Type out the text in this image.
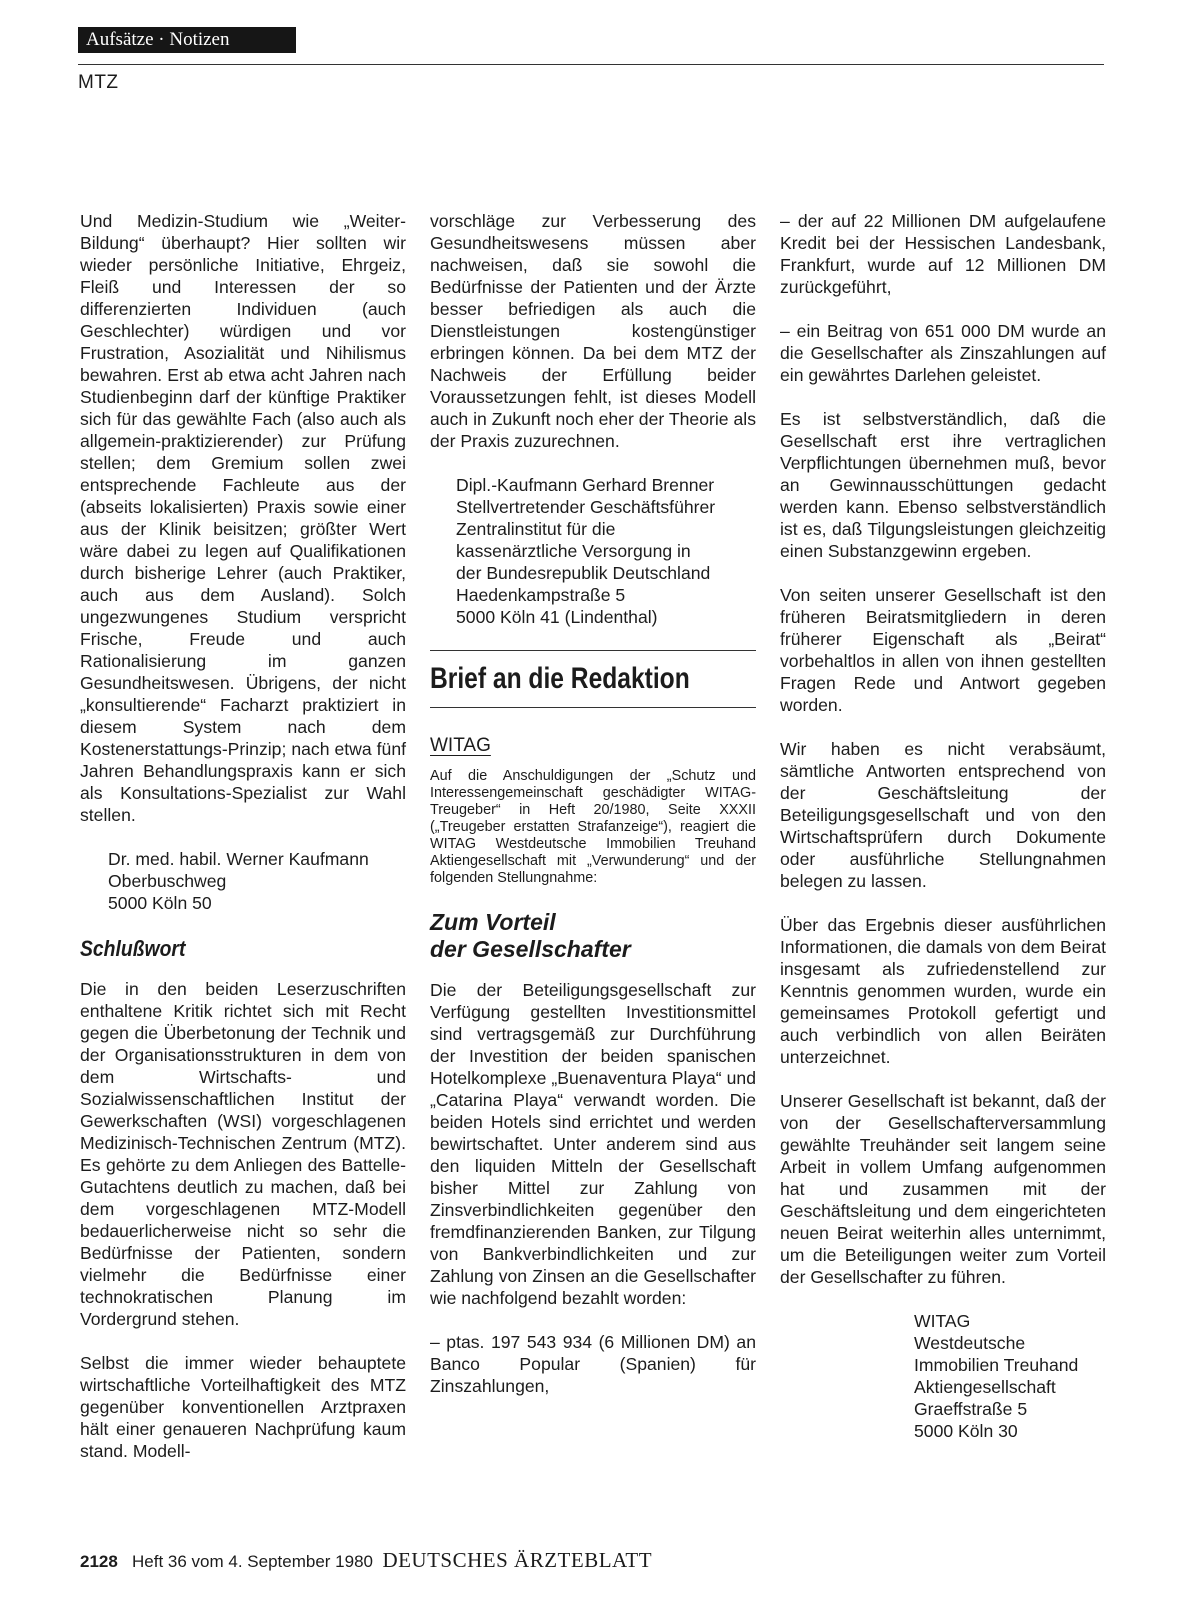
Aufsätze · Notizen
MTZ

Und Medizin-Studium wie „Weiter-Bildung“ überhaupt? Hier sollten wir wieder persönliche Initiative, Ehrgeiz, Fleiß und Interessen der so differenzierten Individuen (auch Geschlechter) würdigen und vor Frustration, Asozialität und Nihilismus bewahren. Erst ab etwa acht Jahren nach Studienbeginn darf der künftige Praktiker sich für das gewählte Fach (also auch als allgemein-praktizierender) zur Prüfung stellen; dem Gremium sollen zwei entsprechende Fachleute aus der (abseits lokalisierten) Praxis sowie einer aus der Klinik beisitzen; größter Wert wäre dabei zu legen auf Qualifikationen durch bisherige Lehrer (auch Praktiker, auch aus dem Ausland). Solch ungezwungenes Studium verspricht Frische, Freude und auch Rationalisierung im ganzen Gesundheitswesen. Übrigens, der nicht „konsultierende“ Facharzt praktiziert in diesem System nach dem Kostenerstattungs-Prinzip; nach etwa fünf Jahren Behandlungspraxis kann er sich als Konsultations-Spezialist zur Wahl stellen.

Dr. med. habil. Werner Kaufmann
Oberbuschweg
5000 Köln 50
Schlußwort

Die in den beiden Leserzuschriften enthaltene Kritik richtet sich mit Recht gegen die Überbetonung der Technik und der Organisationsstrukturen in dem von dem Wirtschafts- und Sozialwissenschaftlichen Institut der Gewerkschaften (WSI) vorgeschlagenen Medizinisch-Technischen Zentrum (MTZ). Es gehörte zu dem Anliegen des Battelle-Gutachtens deutlich zu machen, daß bei dem vorgeschlagenen MTZ-Modell bedauerlicherweise nicht so sehr die Bedürfnisse der Patienten, sondern vielmehr die Bedürfnisse einer technokratischen Planung im Vordergrund stehen.

Selbst die immer wieder behauptete wirtschaftliche Vorteilhaftigkeit des MTZ gegenüber konventionellen Arztpraxen hält einer genaueren Nachprüfung kaum stand. Modell-

vorschläge zur Verbesserung des Gesundheitswesens müssen aber nachweisen, daß sie sowohl die Bedürfnisse der Patienten und der Ärzte besser befriedigen als auch die Dienstleistungen kostengünstiger erbringen können. Da bei dem MTZ der Nachweis der Erfüllung beider Voraussetzungen fehlt, ist dieses Modell auch in Zukunft noch eher der Theorie als der Praxis zuzurechnen.

Dipl.-Kaufmann Gerhard Brenner
Stellvertretender Geschäftsführer
Zentralinstitut für die
kassenärztliche Versorgung in
der Bundesrepublik Deutschland
Haedenkampstraße 5
5000 Köln 41 (Lindenthal)
Brief an die Redaktion
WITAG

Auf die Anschuldigungen der „Schutz und Interessengemeinschaft geschädigter WITAG-Treugeber“ in Heft 20/1980, Seite XXXII („Treugeber erstatten Strafanzeige“), reagiert die WITAG Westdeutsche Immobilien Treuhand Aktiengesellschaft mit „Verwunderung“ und der folgenden Stellungnahme:

Zum Vorteil
der Gesellschafter

Die der Beteiligungsgesellschaft zur Verfügung gestellten Investitionsmittel sind vertragsgemäß zur Durchführung der Investition der beiden spanischen Hotelkomplexe „Buenaventura Playa“ und „Catarina Playa“ verwandt worden. Die beiden Hotels sind errichtet und werden bewirtschaftet. Unter anderem sind aus den liquiden Mitteln der Gesellschaft bisher Mittel zur Zahlung von Zinsverbindlichkeiten gegenüber den fremdfinanzierenden Banken, zur Tilgung von Bankverbindlichkeiten und zur Zahlung von Zinsen an die Gesellschafter wie nachfolgend bezahlt worden:

– ptas. 197 543 934 (6 Millionen DM) an Banco Popular (Spanien) für Zinszahlungen,

– der auf 22 Millionen DM aufgelaufene Kredit bei der Hessischen Landesbank, Frankfurt, wurde auf 12 Millionen DM zurückgeführt,

– ein Beitrag von 651 000 DM wurde an die Gesellschafter als Zinszahlungen auf ein gewährtes Darlehen geleistet.

Es ist selbstverständlich, daß die Gesellschaft erst ihre vertraglichen Verpflichtungen übernehmen muß, bevor an Gewinnausschüttungen gedacht werden kann. Ebenso selbstverständlich ist es, daß Tilgungsleistungen gleichzeitig einen Substanzgewinn ergeben.

Von seiten unserer Gesellschaft ist den früheren Beiratsmitgliedern in deren früherer Eigenschaft als „Beirat“ vorbehaltlos in allen von ihnen gestellten Fragen Rede und Antwort gegeben worden.

Wir haben es nicht verabsäumt, sämtliche Antworten entsprechend von der Geschäftsleitung der Beteiligungsgesellschaft und von den Wirtschaftsprüfern durch Dokumente oder ausführliche Stellungnahmen belegen zu lassen.

Über das Ergebnis dieser ausführlichen Informationen, die damals von dem Beirat insgesamt als zufriedenstellend zur Kenntnis genommen wurden, wurde ein gemeinsames Protokoll gefertigt und auch verbindlich von allen Beiräten unterzeichnet.

Unserer Gesellschaft ist bekannt, daß der von der Gesellschafterversammlung gewählte Treuhänder seit langem seine Arbeit in vollem Umfang aufgenommen hat und zusammen mit der Geschäftsleitung und dem eingerichteten neuen Beirat weiterhin alles unternimmt, um die Beteiligungen weiter zum Vorteil der Gesellschafter zu führen.

WITAG
Westdeutsche
Immobilien Treuhand
Aktiengesellschaft
Graeffstraße 5
5000 Köln 30
2128 Heft 36 vom 4. September 1980 DEUTSCHES ÄRZTEBLATT
